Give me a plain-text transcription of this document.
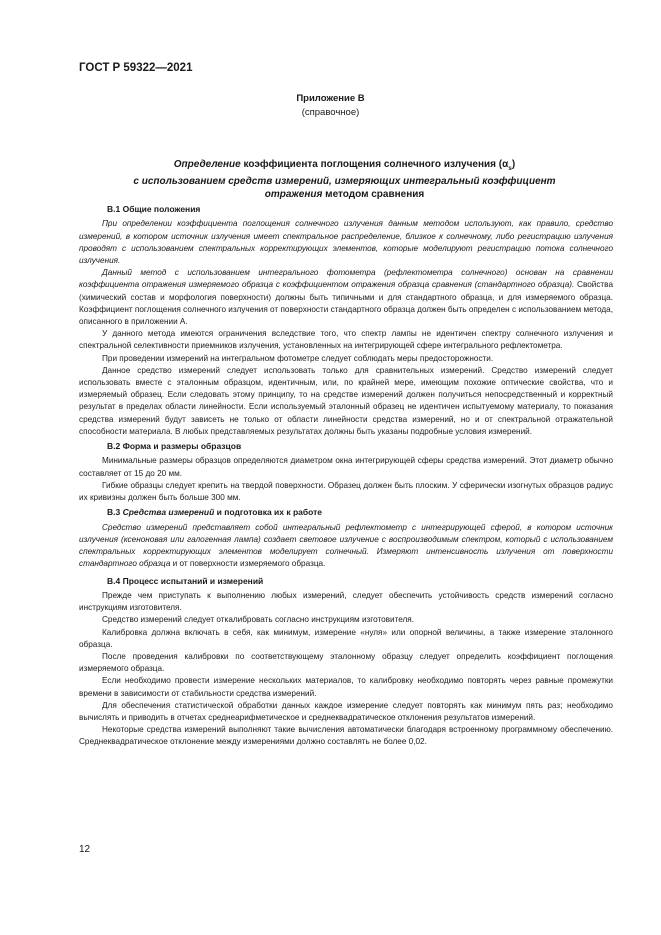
ГОСТ Р 59322—2021
Приложение В
(справочное)
Определение коэффициента поглощения солнечного излучения $(\alpha_s)$
с использованием средств измерений, измеряющих интегральный коэффициент
отражения методом сравнения
В.1 Общие положения

При определении коэффициента поглощения солнечного излучения данным методом используют, как правило, средство измерений, в котором источник излучения имеет спектральное распределение, близкое к солнечному, либо регистрацию излучения проводят с использованием спектральных корректирующих элементов, которые моделируют регистрацию потока солнечного излучения.

Данный метод с использованием интегрального фотометра (рефлектометра солнечного) основан на сравнении коэффициента отражения измеряемого образца с коэффициентом отражения образца сравнения (стандартного образца). Свойства (химический состав и морфология поверхности) должны быть типичными и для стандартного образца, и для измеряемого образца. Коэффициент поглощения солнечного излучения от поверхности стандартного образца должен быть определен с использованием метода, описанного в приложении А.

У данного метода имеются ограничения вследствие того, что спектр лампы не идентичен спектру солнечного излучения и спектральной селективности приемников излучения, установленных на интегрирующей сфере интегрального рефлектометра.

При проведении измерений на интегральном фотометре следует соблюдать меры предосторожности.

Данное средство измерений следует использовать только для сравнительных измерений. Средство измерений следует использовать вместе с эталонным образцом, идентичным, или, по крайней мере, имеющим похожие оптические свойства, что и измеряемый образец. Если следовать этому принципу, то на средстве измерений должен получиться непосредственный и корректный результат в пределах области линейности. Если используемый эталонный образец не идентичен испытуемому материалу, то показания средства измерений будут зависеть не только от области линейности средства измерений, но и от спектральной отражательной способности материала. В любых представляемых результатах должны быть указаны подробные условия измерений.

В.2 Форма и размеры образцов

Минимальные размеры образцов определяются диаметром окна интегрирующей сферы средства измерений. Этот диаметр обычно составляет от 15 до 20 мм.

Гибкие образцы следует крепить на твердой поверхности. Образец должен быть плоским. У сферически изогнутых образцов радиус их кривизны должен быть больше 300 мм.

В.3 Средства измерений и подготовка их к работе

Средство измерений представляет собой интегральный рефлектометр с интегрирующей сферой, в котором источник излучения (ксеноновая или галогенная лампа) создает световое излучение с воспроизводимым спектром, который с использованием спектральных корректирующих элементов моделирует солнечный. Измеряют интенсивность излучения от поверхности стандартного образца и от поверхности измеряемого образца.

В.4 Процесс испытаний и измерений

Прежде чем приступать к выполнению любых измерений, следует обеспечить устойчивость средств измерений согласно инструкциям изготовителя.

Средство измерений следует откалибровать согласно инструкциям изготовителя.

Калибровка должна включать в себя, как минимум, измерение «нуля» или опорной величины, а также измерение эталонного образца.

После проведения калибровки по соответствующему эталонному образцу следует определить коэффициент поглощения измеряемого образца.

Если необходимо провести измерение нескольких материалов, то калибровку необходимо повторять через равные промежутки времени в зависимости от стабильности средства измерений.

Для обеспечения статистической обработки данных каждое измерение следует повторять как минимум пять раз; необходимо вычислять и приводить в отчетах среднеарифметическое и среднеквадратическое отклонения результатов измерений.

Некоторые средства измерений выполняют такие вычисления автоматически благодаря встроенному программному обеспечению. Среднеквадратическое отклонение между измерениями должно составлять не более 0,02.

12
